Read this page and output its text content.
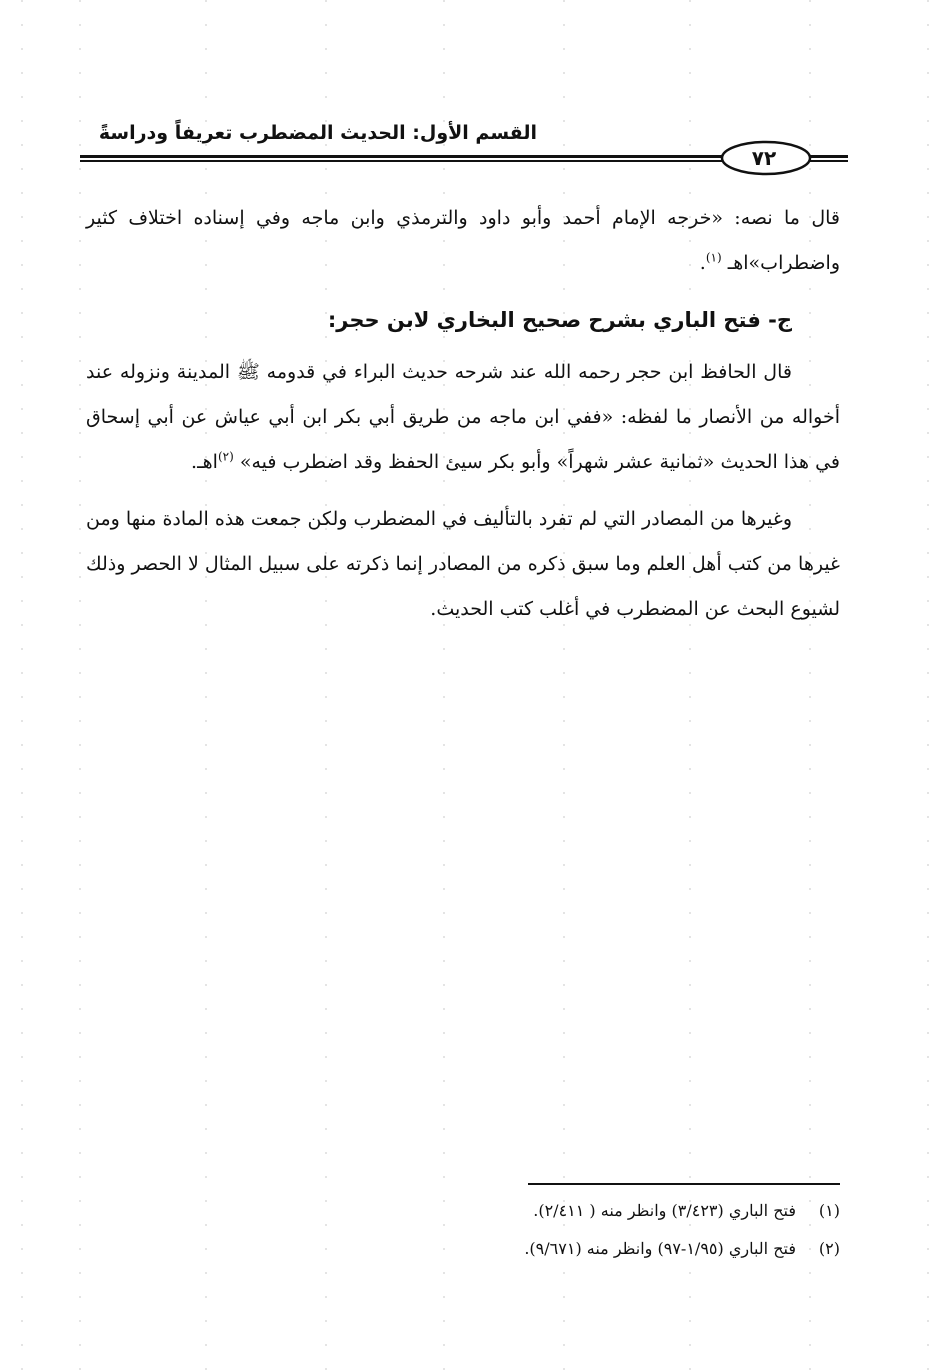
القسم الأول: الحديث المضطرب تعريفاً ودراسةً
٧٢

قال ما نصه: «خرجه الإمام أحمد وأبو داود والترمذي وابن ماجه وفي إسناده اختلاف كثير واضطراب»اهـ $^{(١)}$.

ج- فتح الباري بشرح صحيح البخاري لابن حجر:

قال الحافظ ابن حجر رحمه الله عند شرحه حديث البراء في قدومه ﷺ المدينة ونزوله عند أخواله من الأنصار ما لفظه: «ففي ابن ماجه من طريق أبي بكر ابن أبي عياش عن أبي إسحاق في هذا الحديث «ثمانية عشر شهراً» وأبو بكر سيئ الحفظ وقد اضطرب فيه» $^{(٢)}$اهـ.

وغيرها من المصادر التي لم تفرد بالتأليف في المضطرب ولكن جمعت هذه المادة منها ومن غيرها من كتب أهل العلم وما سبق ذكره من المصادر إنما ذكرته على سبيل المثال لا الحصر وذلك لشيوع البحث عن المضطرب في أغلب كتب الحديث.

(١)فتح الباري (٣/٤٢٣) وانظر منه ( ٢/٤١١).
(٢)فتح الباري (١/٩٥-٩٧) وانظر منه (٩/٦٧١).
